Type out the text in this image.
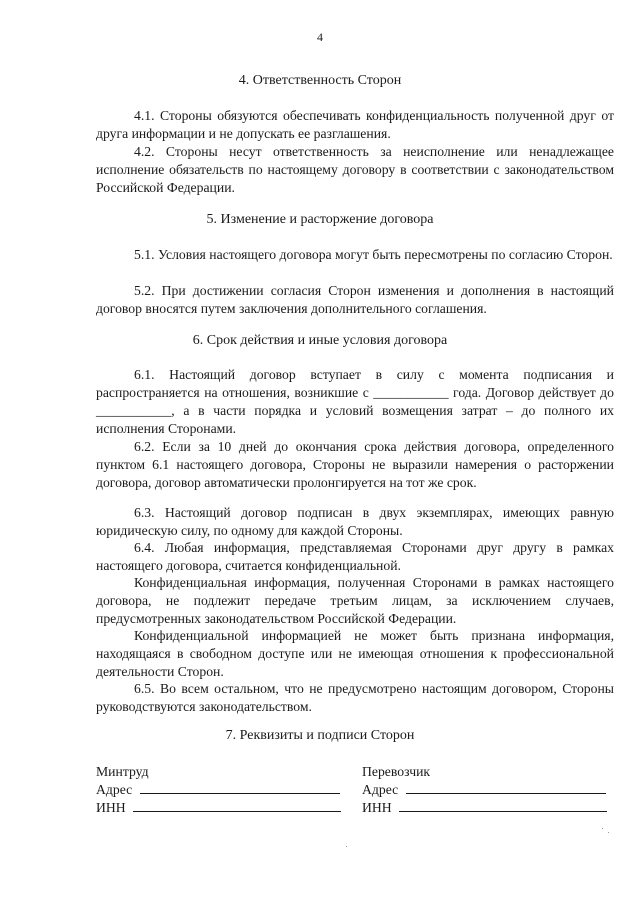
4
4. Ответственность Сторон
4.1. Стороны обязуются обеспечивать конфиденциальность полученной друг от друга информации и не допускать ее разглашения.
4.2. Стороны несут ответственность за неисполнение или ненадлежащее исполнение обязательств по настоящему договору в соответствии с законодательством Российской Федерации.
5. Изменение и расторжение договора
5.1. Условия настоящего договора могут быть пересмотрены по согласию Сторон.
5.2. При достижении согласия Сторон изменения и дополнения в настоящий договор вносятся путем заключения дополнительного соглашения.
6. Срок действия и иные условия договора
6.1. Настоящий договор вступает в силу с момента подписания и распространяется на отношения, возникшие с ___________ года. Договор действует до ___________, а в части порядка и условий возмещения затрат – до полного их исполнения Сторонами.
6.2. Если за 10 дней до окончания срока действия договора, определенного пунктом 6.1 настоящего договора, Стороны не выразили намерения о расторжении договора, договор автоматически пролонгируется на тот же срок.
6.3. Настоящий договор подписан в двух экземплярах, имеющих равную юридическую силу, по одному для каждой Стороны.
6.4. Любая информация, представляемая Сторонами друг другу в рамках настоящего договора, считается конфиденциальной.
Конфиденциальная информация, полученная Сторонами в рамках настоящего договора, не подлежит передаче третьим лицам, за исключением случаев, предусмотренных законодательством Российской Федерации.
Конфиденциальной информацией не может быть признана информация, находящаяся в свободном доступе или не имеющая отношения к профессиональной деятельности Сторон.
6.5. Во всем остальном, что не предусмотрено настоящим договором, Стороны руководствуются законодательством.
7. Реквизиты и подписи Сторон
Минтруд
Адрес
ИНН
Перевозчик
Адрес
ИНН
